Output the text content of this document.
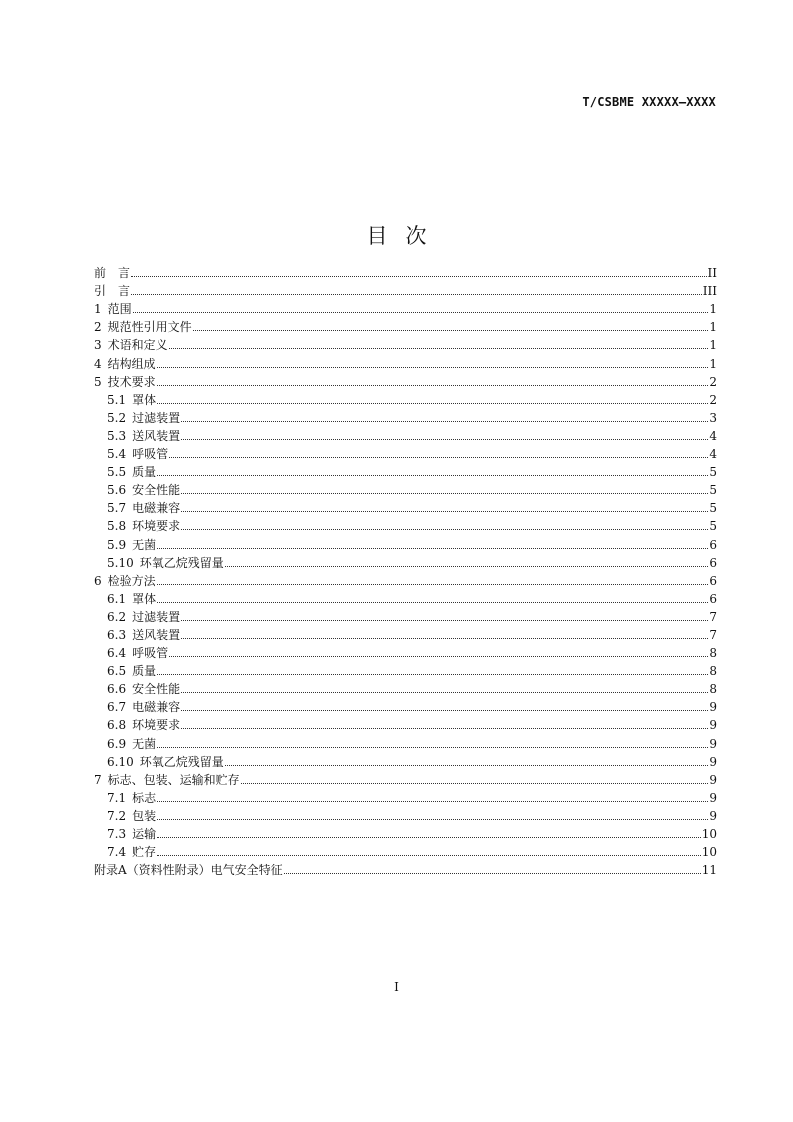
T/CSBME XXXXX—XXXX
目 次
前　言	II
引　言	III
1 范围	1
2 规范性引用文件	1
3 术语和定义	1
4 结构组成	1
5 技术要求	2
5.1 罩体	2
5.2 过滤装置	3
5.3 送风装置	4
5.4 呼吸管	4
5.5 质量	5
5.6 安全性能	5
5.7 电磁兼容	5
5.8 环境要求	5
5.9 无菌	6
5.10 环氧乙烷残留量	6
6 检验方法	6
6.1 罩体	6
6.2 过滤装置	7
6.3 送风装置	7
6.4 呼吸管	8
6.5 质量	8
6.6 安全性能	8
6.7 电磁兼容	9
6.8 环境要求	9
6.9 无菌	9
6.10 环氧乙烷残留量	9
7 标志、包装、运输和贮存	9
7.1 标志	9
7.2 包装	9
7.3 运输	10
7.4 贮存	10
附录A（资料性附录）电气安全特征	11
I
